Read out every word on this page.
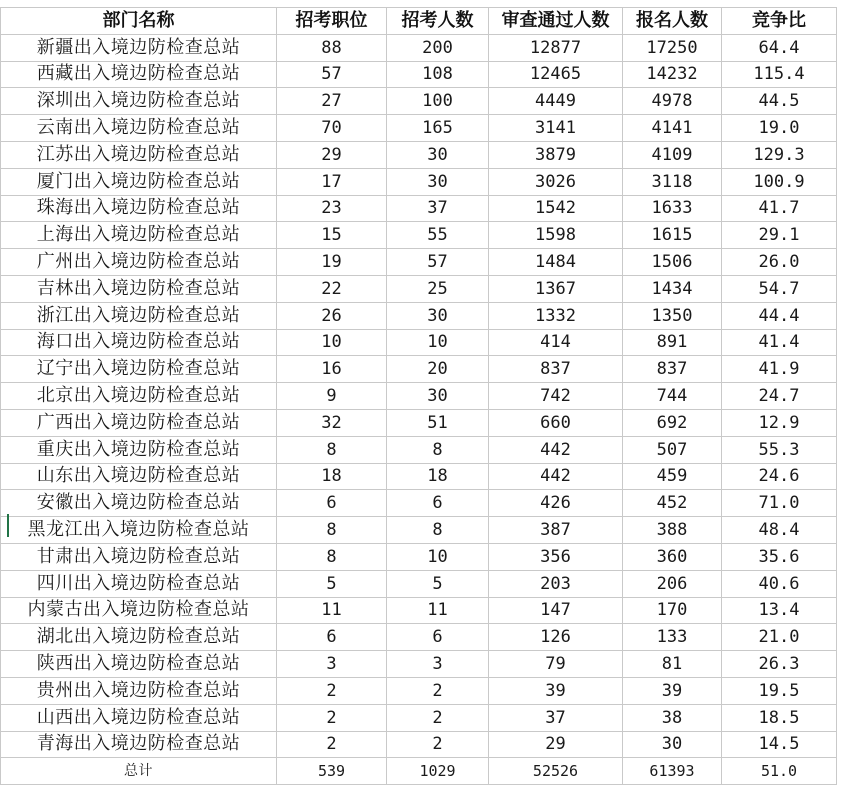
部门名称	招考职位	招考人数	审查通过人数	报名人数	竞争比
新疆出入境边防检查总站	88	200	12877	17250	64.4
西藏出入境边防检查总站	57	108	12465	14232	115.4
深圳出入境边防检查总站	27	100	4449	4978	44.5
云南出入境边防检查总站	70	165	3141	4141	19.0
江苏出入境边防检查总站	29	30	3879	4109	129.3
厦门出入境边防检查总站	17	30	3026	3118	100.9
珠海出入境边防检查总站	23	37	1542	1633	41.7
上海出入境边防检查总站	15	55	1598	1615	29.1
广州出入境边防检查总站	19	57	1484	1506	26.0
吉林出入境边防检查总站	22	25	1367	1434	54.7
浙江出入境边防检查总站	26	30	1332	1350	44.4
海口出入境边防检查总站	10	10	414	891	41.4
辽宁出入境边防检查总站	16	20	837	837	41.9
北京出入境边防检查总站	9	30	742	744	24.7
广西出入境边防检查总站	32	51	660	692	12.9
重庆出入境边防检查总站	8	8	442	507	55.3
山东出入境边防检查总站	18	18	442	459	24.6
安徽出入境边防检查总站	6	6	426	452	71.0
黑龙江出入境边防检查总站	8	8	387	388	48.4
甘肃出入境边防检查总站	8	10	356	360	35.6
四川出入境边防检查总站	5	5	203	206	40.6
内蒙古出入境边防检查总站	11	11	147	170	13.4
湖北出入境边防检查总站	6	6	126	133	21.0
陕西出入境边防检查总站	3	3	79	81	26.3
贵州出入境边防检查总站	2	2	39	39	19.5
山西出入境边防检查总站	2	2	37	38	18.5
青海出入境边防检查总站	2	2	29	30	14.5
总计	539	1029	52526	61393	51.0
